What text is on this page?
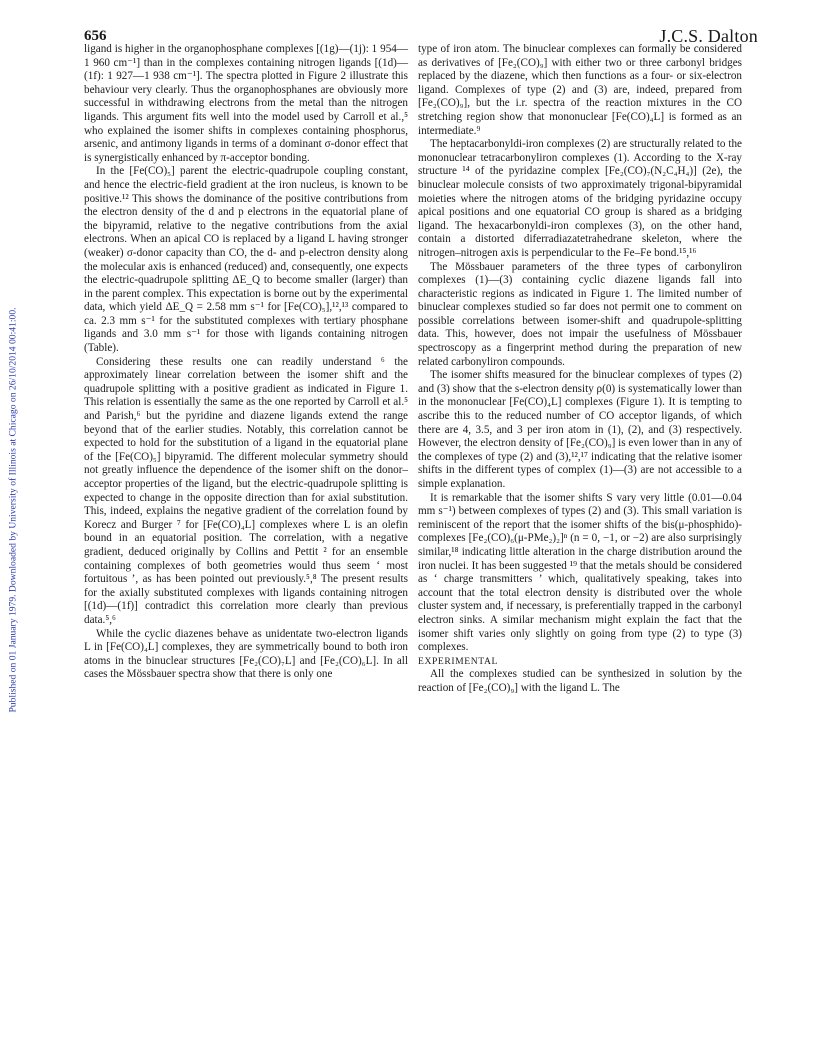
656	J.C.S. Dalton
Published on 01 January 1979. Downloaded by University of Illinois at Chicago on 26/10/2014 00:41:00.

ligand is higher in the organophosphane complexes [(1g)—(1j): 1 954—1 960 cm⁻¹] than in the complexes containing nitrogen ligands [(1d)—(1f): 1 927—1 938 cm⁻¹]. The spectra plotted in Figure 2 illustrate this behaviour very clearly. Thus the organophosphanes are obviously more successful in withdrawing electrons from the metal than the nitrogen ligands. This argument fits well into the model used by Carroll et al.,⁵ who explained the isomer shifts in complexes containing phosphorus, arsenic, and antimony ligands in terms of a dominant σ-donor effect that is synergistically enhanced by π-acceptor bonding.

In the [Fe(CO)₅] parent the electric-quadrupole coupling constant, and hence the electric-field gradient at the iron nucleus, is known to be positive.¹² This shows the dominance of the positive contributions from the electron density of the d and p electrons in the equatorial plane of the bipyramid, relative to the negative contributions from the axial electrons. When an apical CO is replaced by a ligand L having stronger (weaker) σ-donor capacity than CO, the d- and p-electron density along the molecular axis is enhanced (reduced) and, consequently, one expects the electric-quadrupole splitting ΔE_Q to become smaller (larger) than in the parent complex. This expectation is borne out by the experimental data, which yield ΔE_Q = 2.58 mm s⁻¹ for [Fe(CO)₅],¹²,¹³ compared to ca. 2.3 mm s⁻¹ for the substituted complexes with tertiary phosphane ligands and 3.0 mm s⁻¹ for those with ligands containing nitrogen (Table).

Considering these results one can readily understand ⁶ the approximately linear correlation between the isomer shift and the quadrupole splitting with a positive gradient as indicated in Figure 1. This relation is essentially the same as the one reported by Carroll et al.⁵ and Parish,⁶ but the pyridine and diazene ligands extend the range beyond that of the earlier studies. Notably, this correlation cannot be expected to hold for the substitution of a ligand in the equatorial plane of the [Fe(CO)₅] bipyramid. The different molecular symmetry should not greatly influence the dependence of the isomer shift on the donor–acceptor properties of the ligand, but the electric-quadrupole splitting is expected to change in the opposite direction than for axial substitution. This, indeed, explains the negative gradient of the correlation found by Korecz and Burger ⁷ for [Fe(CO)₄L] complexes where L is an olefin bound in an equatorial position. The correlation, with a negative gradient, deduced originally by Collins and Pettit ² for an ensemble containing complexes of both geometries would thus seem ‘ most fortuitous ’, as has been pointed out previously.⁵,⁸ The present results for the axially substituted complexes with ligands containing nitrogen [(1d)—(1f)] contradict this correlation more clearly than previous data.⁵,⁶

While the cyclic diazenes behave as unidentate two-electron ligands L in [Fe(CO)₄L] complexes, they are symmetrically bound to both iron atoms in the binuclear structures [Fe₂(CO)₇L] and [Fe₂(CO)₆L]. In all cases the Mössbauer spectra show that there is only one

type of iron atom. The binuclear complexes can formally be considered as derivatives of [Fe₂(CO)₉] with either two or three carbonyl bridges replaced by the diazene, which then functions as a four- or six-electron ligand. Complexes of type (2) and (3) are, indeed, prepared from [Fe₂(CO)₉], but the i.r. spectra of the reaction mixtures in the CO stretching region show that mononuclear [Fe(CO)₄L] is formed as an intermediate.⁹

The heptacarbonyldi-iron complexes (2) are structurally related to the mononuclear tetracarbonyliron complexes (1). According to the X-ray structure ¹⁴ of the pyridazine complex [Fe₂(CO)₇(N₂C₄H₄)] (2e), the binuclear molecule consists of two approximately trigonal-bipyramidal moieties where the nitrogen atoms of the bridging pyridazine occupy apical positions and one equatorial CO group is shared as a bridging ligand. The hexacarbonyldi-iron complexes (3), on the other hand, contain a distorted diferradiazatetrahedrane skeleton, where the nitrogen–nitrogen axis is perpendicular to the Fe–Fe bond.¹⁵,¹⁶

The Mössbauer parameters of the three types of carbonyliron complexes (1)—(3) containing cyclic diazene ligands fall into characteristic regions as indicated in Figure 1. The limited number of binuclear complexes studied so far does not permit one to comment on possible correlations between isomer-shift and quadrupole-splitting data. This, however, does not impair the usefulness of Mössbauer spectroscopy as a fingerprint method during the preparation of new related carbonyliron compounds.

The isomer shifts measured for the binuclear complexes of types (2) and (3) show that the s-electron density ρ(0) is systematically lower than in the mononuclear [Fe(CO)₄L] complexes (Figure 1). It is tempting to ascribe this to the reduced number of CO acceptor ligands, of which there are 4, 3.5, and 3 per iron atom in (1), (2), and (3) respectively. However, the electron density of [Fe₂(CO)₉] is even lower than in any of the complexes of type (2) and (3),¹²,¹⁷ indicating that the relative isomer shifts in the different types of complex (1)—(3) are not accessible to a simple explanation.

It is remarkable that the isomer shifts S vary very little (0.01—0.04 mm s⁻¹) between complexes of types (2) and (3). This small variation is reminiscent of the report that the isomer shifts of the bis(μ-phosphido)-complexes [Fe₂(CO)₆(μ-PMe₂)₂]ⁿ (n = 0, −1, or −2) are also surprisingly similar,¹⁸ indicating little alteration in the charge distribution around the iron nuclei. It has been suggested ¹⁹ that the metals should be considered as ‘ charge transmitters ’ which, qualitatively speaking, takes into account that the total electron density is distributed over the whole cluster system and, if necessary, is preferentially trapped in the carbonyl electron sinks. A similar mechanism might explain the fact that the isomer shift varies only slightly on going from type (2) to type (3) complexes.

EXPERIMENTAL

All the complexes studied can be synthesized in solution by the reaction of [Fe₂(CO)₉] with the ligand L. The
